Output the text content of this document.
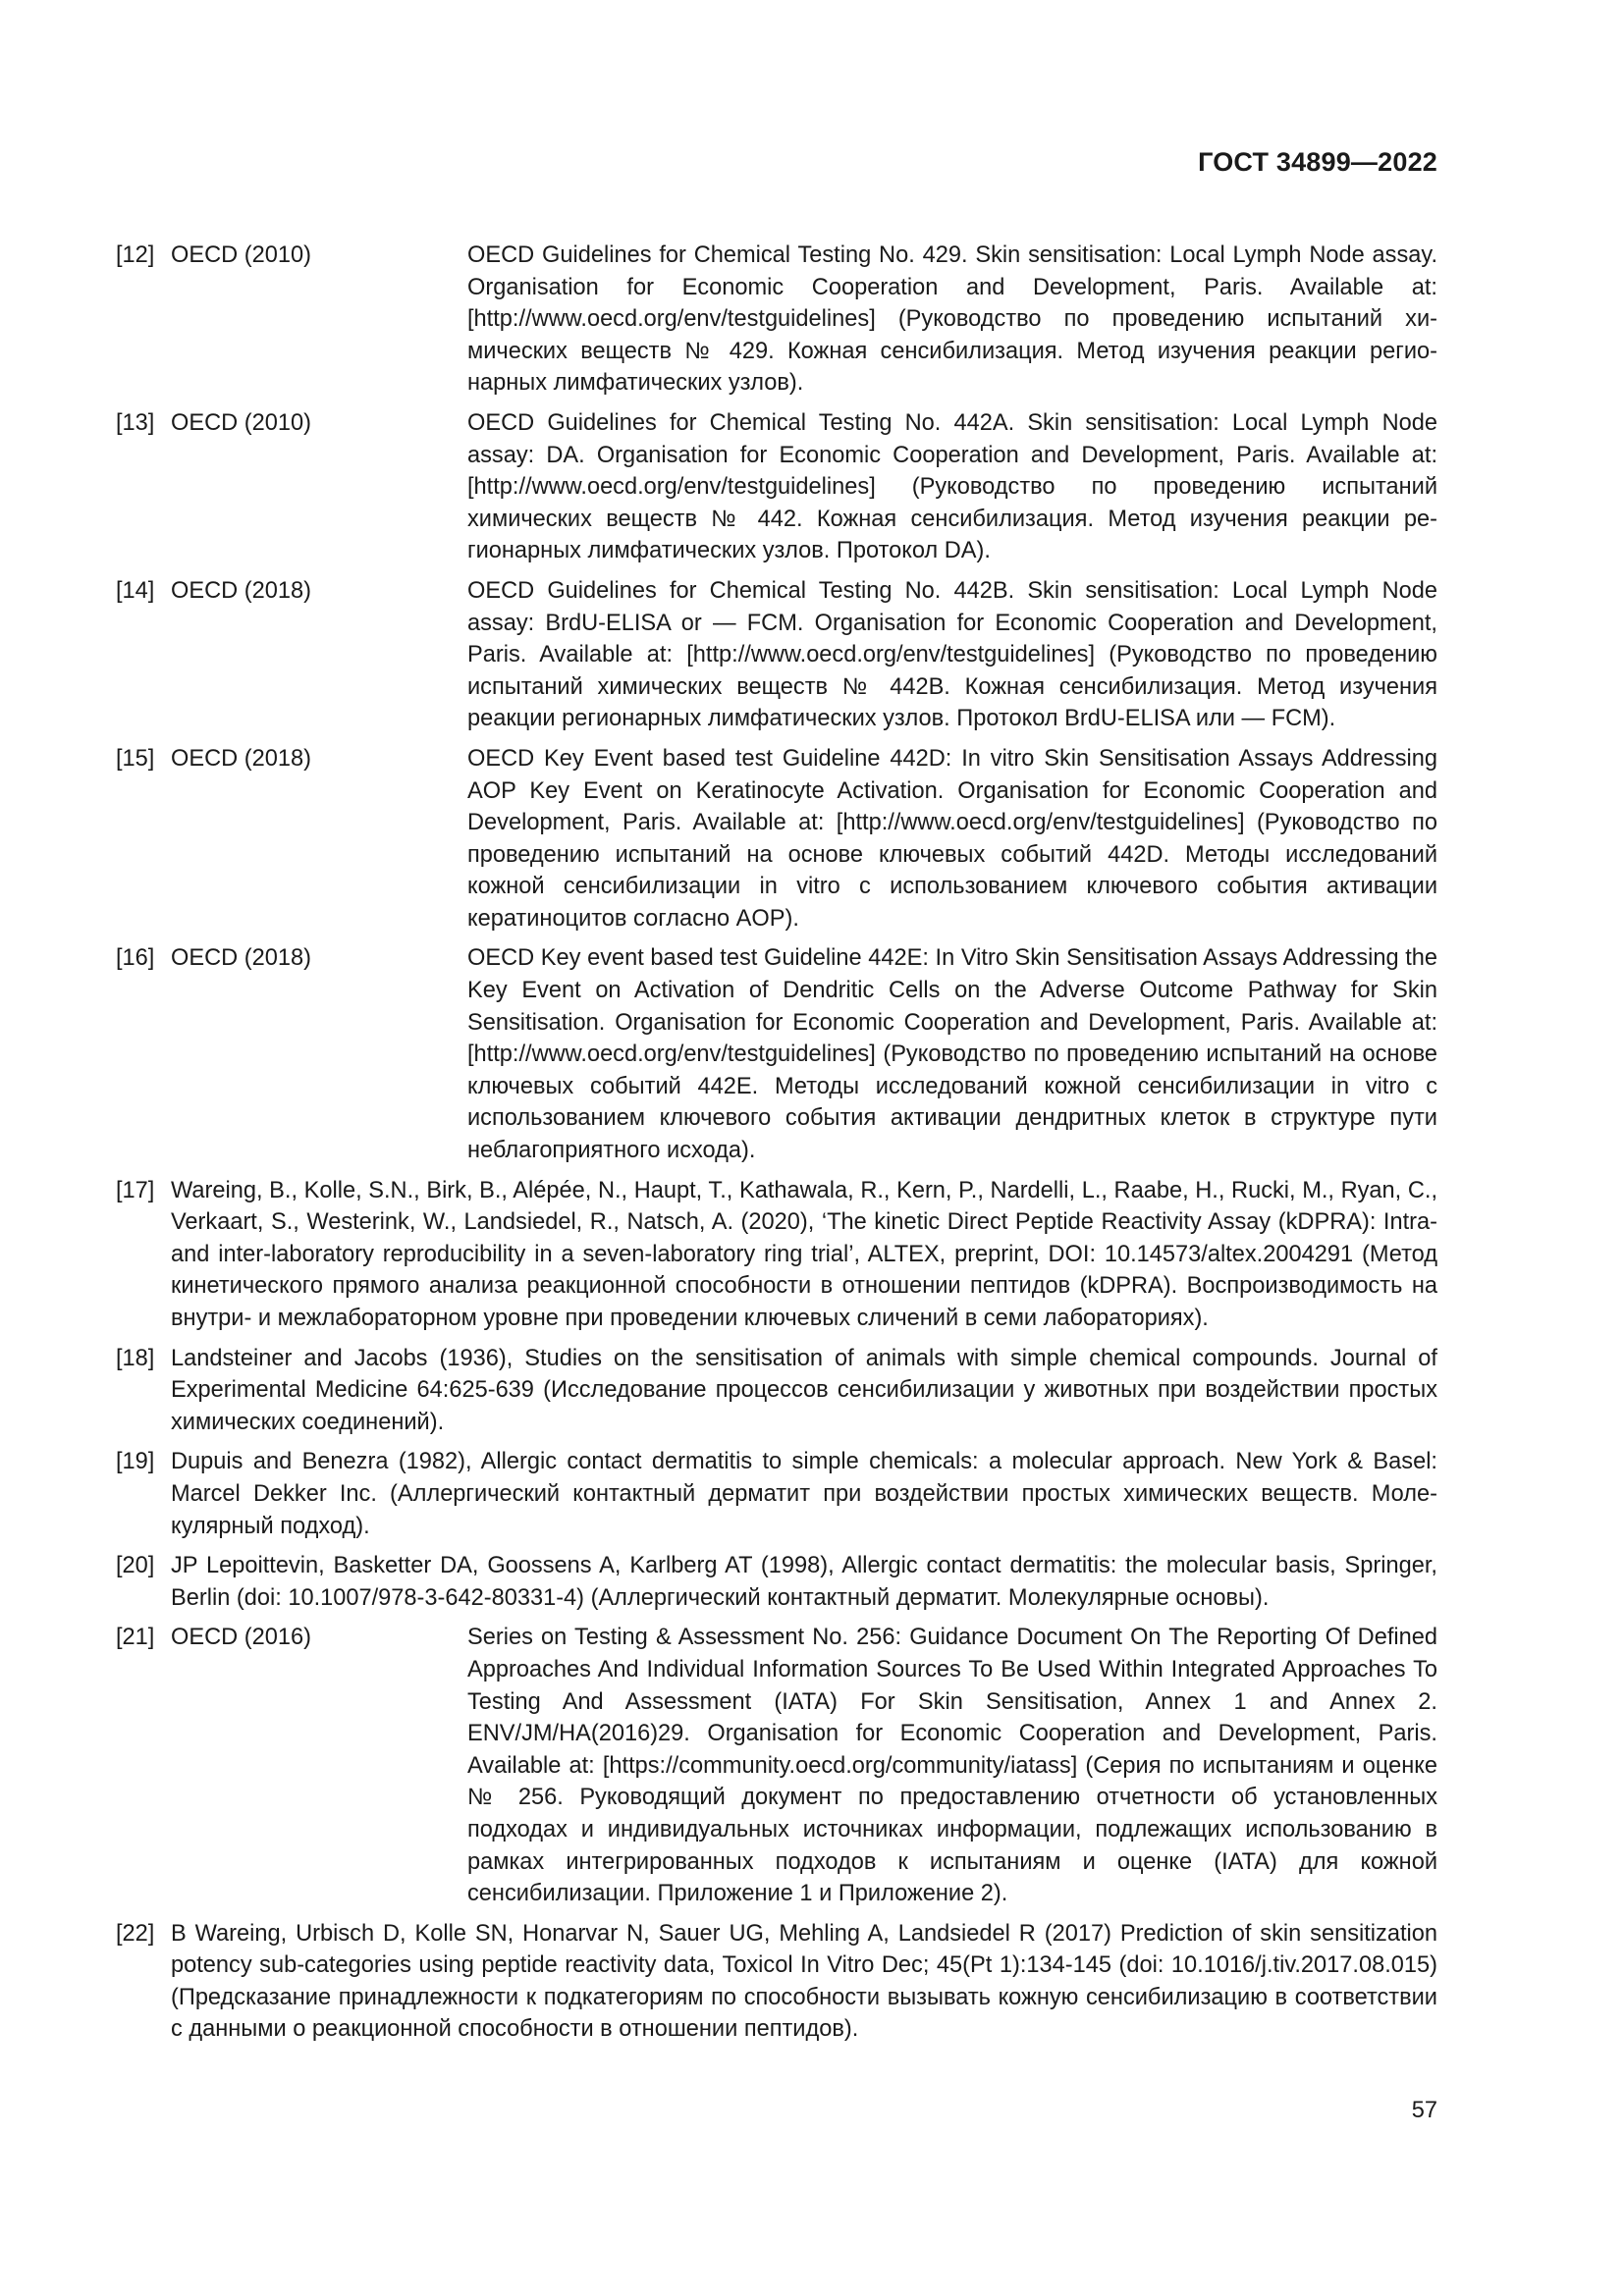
ГОСТ 34899—2022
[12] OECD (2010)	OECD Guidelines for Chemical Testing No. 429. Skin sensitisation: Local Lymph Node assay. Organisation for Economic Cooperation and Development, Paris. Available at: [http://www.oecd.org/env/testguidelines] (Руководство по проведению испытаний химических веществ № 429. Кожная сенсибилизация. Метод изучения реакции регионарных лимфатических узлов).
[13] OECD (2010)	OECD Guidelines for Chemical Testing No. 442A. Skin sensitisation: Local Lymph Node assay: DA. Organisation for Economic Cooperation and Development, Paris. Available at: [http://www.oecd.org/env/testguidelines] (Руководство по проведению испытаний химических веществ № 442. Кожная сенсибилизация. Метод изучения реакции регионарных лимфатических узлов. Протокол DA).
[14] OECD (2018)	OECD Guidelines for Chemical Testing No. 442B. Skin sensitisation: Local Lymph Node assay: BrdU-ELISA or — FCM. Organisation for Economic Cooperation and Development, Paris. Available at: [http://www.oecd.org/env/testguidelines] (Руководство по проведению испытаний химических веществ № 442B. Кожная сенсибилизация. Метод изучения реакции регионарных лимфатических узлов. Протокол BrdU-ELISA или — FCM).
[15] OECD (2018)	OECD Key Event based test Guideline 442D: In vitro Skin Sensitisation Assays Addressing AOP Key Event on Keratinocyte Activation. Organisation for Economic Cooperation and Development, Paris. Available at: [http://www.oecd.org/env/testguidelines] (Руководство по проведению испытаний на основе ключевых событий 442D. Методы исследований кожной сенсибилизации in vitro с использованием ключевого события активации кератиноцитов согласно AOP).
[16] OECD (2018)	OECD Key event based test Guideline 442E: In Vitro Skin Sensitisation Assays Addressing the Key Event on Activation of Dendritic Cells on the Adverse Outcome Pathway for Skin Sensitisation. Organisation for Economic Cooperation and Development, Paris. Available at: [http://www.oecd.org/env/testguidelines] (Руководство по проведению испытаний на основе ключевых событий 442E. Методы исследований кожной сенсибилизации in vitro с использованием ключевого события активации дендритных клеток в структуре пути неблагоприятного исхода).
[17] Wareing, B., Kolle, S.N., Birk, B., Alépée, N., Haupt, T., Kathawala, R., Kern, P., Nardelli, L., Raabe, H., Rucki, M., Ryan, C., Verkaart, S., Westerink, W., Landsiedel, R., Natsch, A. (2020), ‘The kinetic Direct Peptide Reactivity Assay (kDPRA): Intra- and inter-laboratory reproducibility in a seven-laboratory ring trial’, ALTEX, preprint, DOI: 10.14573/altex.2004291 (Метод кинетического прямого анализа реакционной способности в отношении пептидов (kDPRA). Воспроизводимость на внутри- и межлабораторном уровне при проведении ключевых сличений в семи лабораториях).
[18] Landsteiner and Jacobs (1936), Studies on the sensitisation of animals with simple chemical compounds. Journal of Experimental Medicine 64:625-639 (Исследование процессов сенсибилизации у животных при воздействии простых химических соединений).
[19] Dupuis and Benezra (1982), Allergic contact dermatitis to simple chemicals: a molecular approach. New York & Basel: Marcel Dekker Inc. (Аллергический контактный дерматит при воздействии простых химических веществ. Молекулярный подход).
[20] JP Lepoittevin, Basketter DA, Goossens A, Karlberg AT (1998), Allergic contact dermatitis: the molecular basis, Springer, Berlin (doi: 10.1007/978-3-642-80331-4) (Аллергический контактный дерматит. Молекулярные основы).
[21] OECD (2016)	Series on Testing & Assessment No. 256: Guidance Document On The Reporting Of Defined Approaches And Individual Information Sources To Be Used Within Integrated Approaches To Testing And Assessment (IATA) For Skin Sensitisation, Annex 1 and Annex 2. ENV/JM/HA(2016)29. Organisation for Economic Cooperation and Development, Paris. Available at: [https://community.oecd.org/community/iatass] (Серия по испытаниям и оценке № 256. Руководящий документ по предоставлению отчетности об установленных подходах и индивидуальных источниках информации, подлежащих использованию в рамках интегрированных подходов к испытаниям и оценке (IATA) для кожной сенсибилизации. Приложение 1 и Приложение 2).
[22] B Wareing, Urbisch D, Kolle SN, Honarvar N, Sauer UG, Mehling A, Landsiedel R (2017) Prediction of skin sensitization potency sub-categories using peptide reactivity data, Toxicol In Vitro Dec; 45(Pt 1):134-145 (doi: 10.1016/j.tiv.2017.08.015) (Предсказание принадлежности к подкатегориям по способности вызывать кожную сенсибилизацию в соответствии с данными о реакционной способности в отношении пептидов).
57
